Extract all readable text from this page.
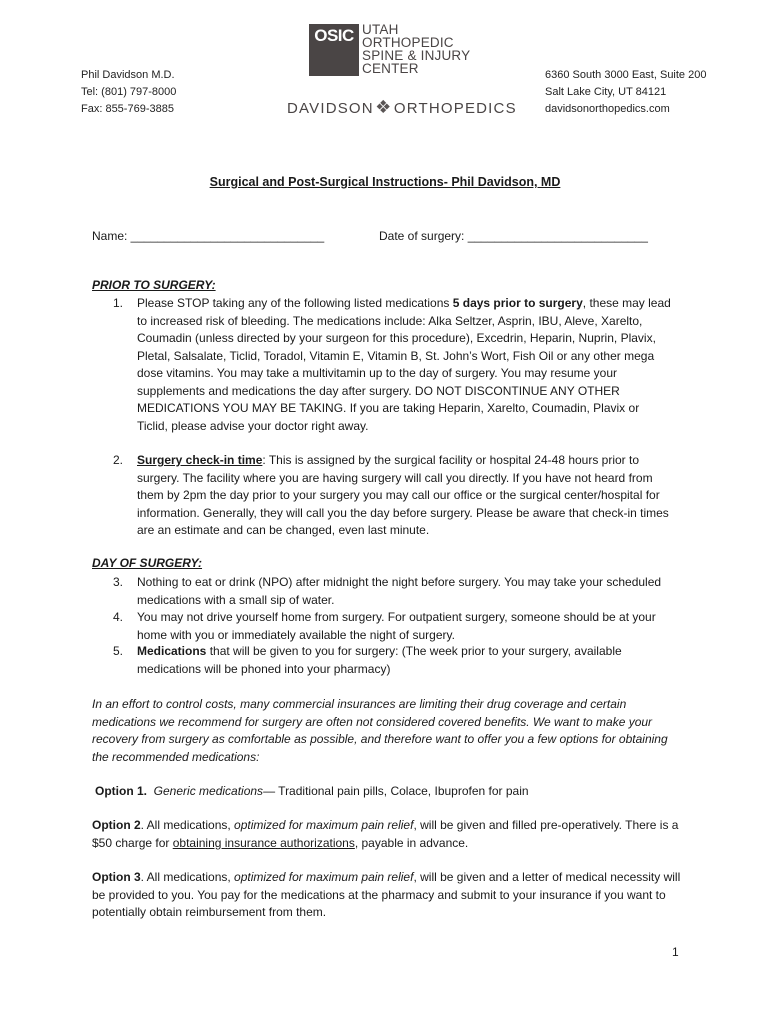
Phil Davidson M.D.
Tel: (801) 797-8000
Fax: 855-769-3885
OSIC UTAH
ORTHOPEDIC
SPINE & INJURY
CENTER
DAVIDSON❖ORTHOPEDICS
6360 South 3000 East, Suite 200
Salt Lake City, UT 84121
davidsonorthopedics.com
Surgical and Post-Surgical Instructions- Phil Davidson, MD
Name: _____________________________	Date of surgery: ___________________________
PRIOR TO SURGERY:
1.	Please STOP taking any of the following listed medications 5 days prior to surgery, these may lead to increased risk of bleeding. The medications include: Alka Seltzer, Asprin, IBU, Aleve, Xarelto, Coumadin (unless directed by your surgeon for this procedure), Excedrin, Heparin, Nuprin, Plavix, Pletal, Salsalate, Ticlid, Toradol, Vitamin E, Vitamin B, St. John’s Wort, Fish Oil or any other mega dose vitamins. You may take a multivitamin up to the day of surgery. You may resume your supplements and medications the day after surgery. DO NOT DISCONTINUE ANY OTHER MEDICATIONS YOU MAY BE TAKING. If you are taking Heparin, Xarelto, Coumadin, Plavix or Ticlid, please advise your doctor right away.
2.	Surgery check-in time: This is assigned by the surgical facility or hospital 24-48 hours prior to surgery. The facility where you are having surgery will call you directly. If you have not heard from them by 2pm the day prior to your surgery you may call our office or the surgical center/hospital for information. Generally, they will call you the day before surgery. Please be aware that check-in times are an estimate and can be changed, even last minute.
DAY OF SURGERY:
3.	Nothing to eat or drink (NPO) after midnight the night before surgery. You may take your scheduled medications with a small sip of water.
4.	You may not drive yourself home from surgery. For outpatient surgery, someone should be at your home with you or immediately available the night of surgery.
5.	Medications that will be given to you for surgery: (The week prior to your surgery, available medications will be phoned into your pharmacy)
In an effort to control costs, many commercial insurances are limiting their drug coverage and certain medications we recommend for surgery are often not considered covered benefits. We want to make your recovery from surgery as comfortable as possible, and therefore want to offer you a few options for obtaining the recommended medications:
Option 1. Generic medications— Traditional pain pills, Colace, Ibuprofen for pain
Option 2. All medications, optimized for maximum pain relief, will be given and filled pre-operatively. There is a $50 charge for obtaining insurance authorizations, payable in advance.
Option 3. All medications, optimized for maximum pain relief, will be given and a letter of medical necessity will be provided to you. You pay for the medications at the pharmacy and submit to your insurance if you want to potentially obtain reimbursement from them.
1
